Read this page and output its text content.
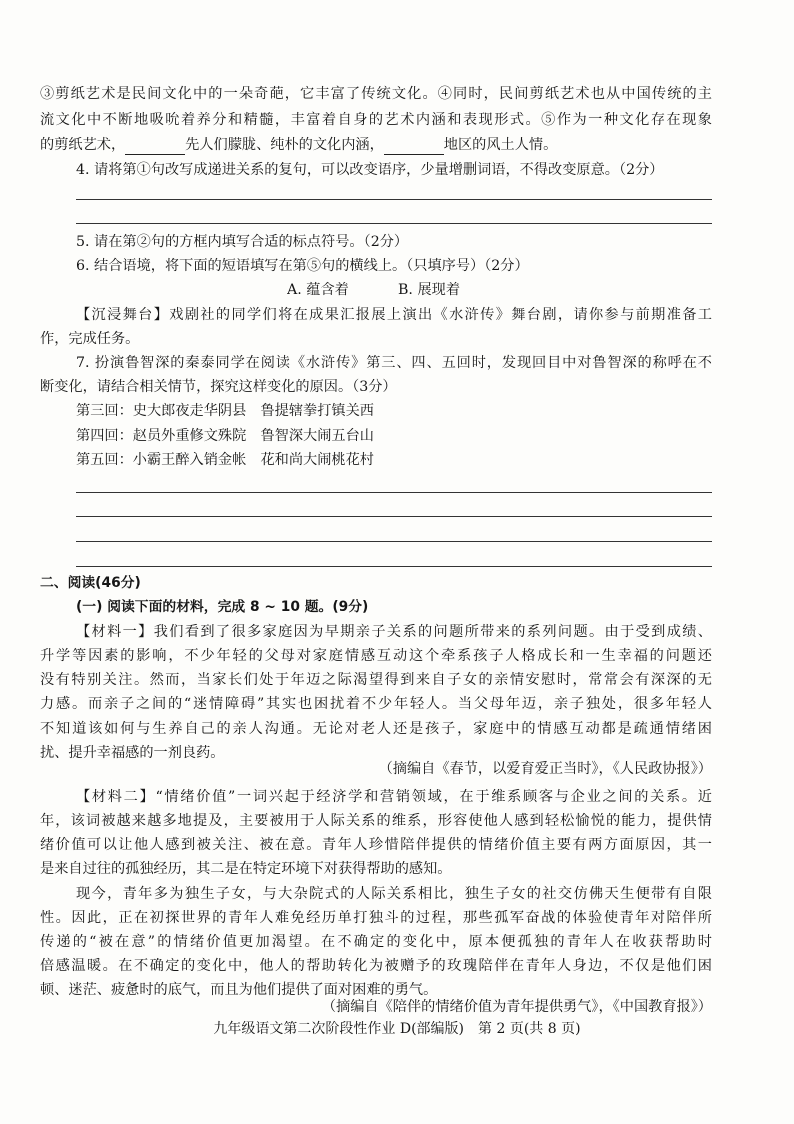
③剪纸艺术是民间文化中的一朵奇葩，它丰富了传统文化。④同时，民间剪纸艺术也从中国传统的主
流文化中不断地吸吮着养分和精髓，丰富着自身的艺术内涵和表现形式。⑤作为一种文化存在现象
的剪纸艺术，	先人们朦胧、纯朴的文化内涵，	地区的风土人情。
4. 请将第①句改写成递进关系的复句，可以改变语序，少量增删词语，不得改变原意。（2分）
5. 请在第②句的方框内填写合适的标点符号。（2分）
6. 结合语境，将下面的短语填写在第⑤句的横线上。（只填序号）（2分）
A. 蕴含着	B. 展现着
【沉浸舞台】戏剧社的同学们将在成果汇报展上演出《水浒传》舞台剧，请你参与前期准备工
作，完成任务。
7. 扮演鲁智深的秦泰同学在阅读《水浒传》第三、四、五回时，发现回目中对鲁智深的称呼在不
断变化，请结合相关情节，探究这样变化的原因。（3分）
第三回：史大郎夜走华阴县　鲁提辖拳打镇关西
第四回：赵员外重修文殊院　鲁智深大闹五台山
第五回：小霸王醉入销金帐　花和尚大闹桃花村
二、阅读(46分)
(一) 阅读下面的材料，完成 8 ~ 10 题。(9分)
【材料一】我们看到了很多家庭因为早期亲子关系的问题所带来的系列问题。由于受到成绩、
升学等因素的影响，不少年轻的父母对家庭情感互动这个牵系孩子人格成长和一生幸福的问题还
没有特别关注。然而，当家长们处于年迈之际渴望得到来自子女的亲情安慰时，常常会有深深的无
力感。而亲子之间的“迷情障碍”其实也困扰着不少年轻人。当父母年迈，亲子独处，很多年轻人
不知道该如何与生养自己的亲人沟通。无论对老人还是孩子，家庭中的情感互动都是疏通情绪困
扰、提升幸福感的一剂良药。
（摘编自《春节，以爱育爱正当时》，《人民政协报》）
【材料二】“情绪价值”一词兴起于经济学和营销领域，在于维系顾客与企业之间的关系。近
年，该词被越来越多地提及，主要被用于人际关系的维系，形容使他人感到轻松愉悦的能力，提供情
绪价值可以让他人感到被关注、被在意。青年人珍惜陪伴提供的情绪价值主要有两方面原因，其一
是来自过往的孤独经历，其二是在特定环境下对获得帮助的感知。
现今，青年多为独生子女，与大杂院式的人际关系相比，独生子女的社交仿佛天生便带有自限
性。因此，正在初探世界的青年人难免经历单打独斗的过程，那些孤军奋战的体验使青年对陪伴所
传递的“被在意”的情绪价值更加渴望。在不确定的变化中，原本便孤独的青年人在收获帮助时
倍感温暖。在不确定的变化中，他人的帮助转化为被赠予的玫瑰陪伴在青年人身边，不仅是他们困
顿、迷茫、疲惫时的底气，而且为他们提供了面对困难的勇气。
（摘编自《陪伴的情绪价值为青年提供勇气》，《中国教育报》）
九年级语文第二次阶段性作业 D(部编版)　第 2 页(共 8 页)
